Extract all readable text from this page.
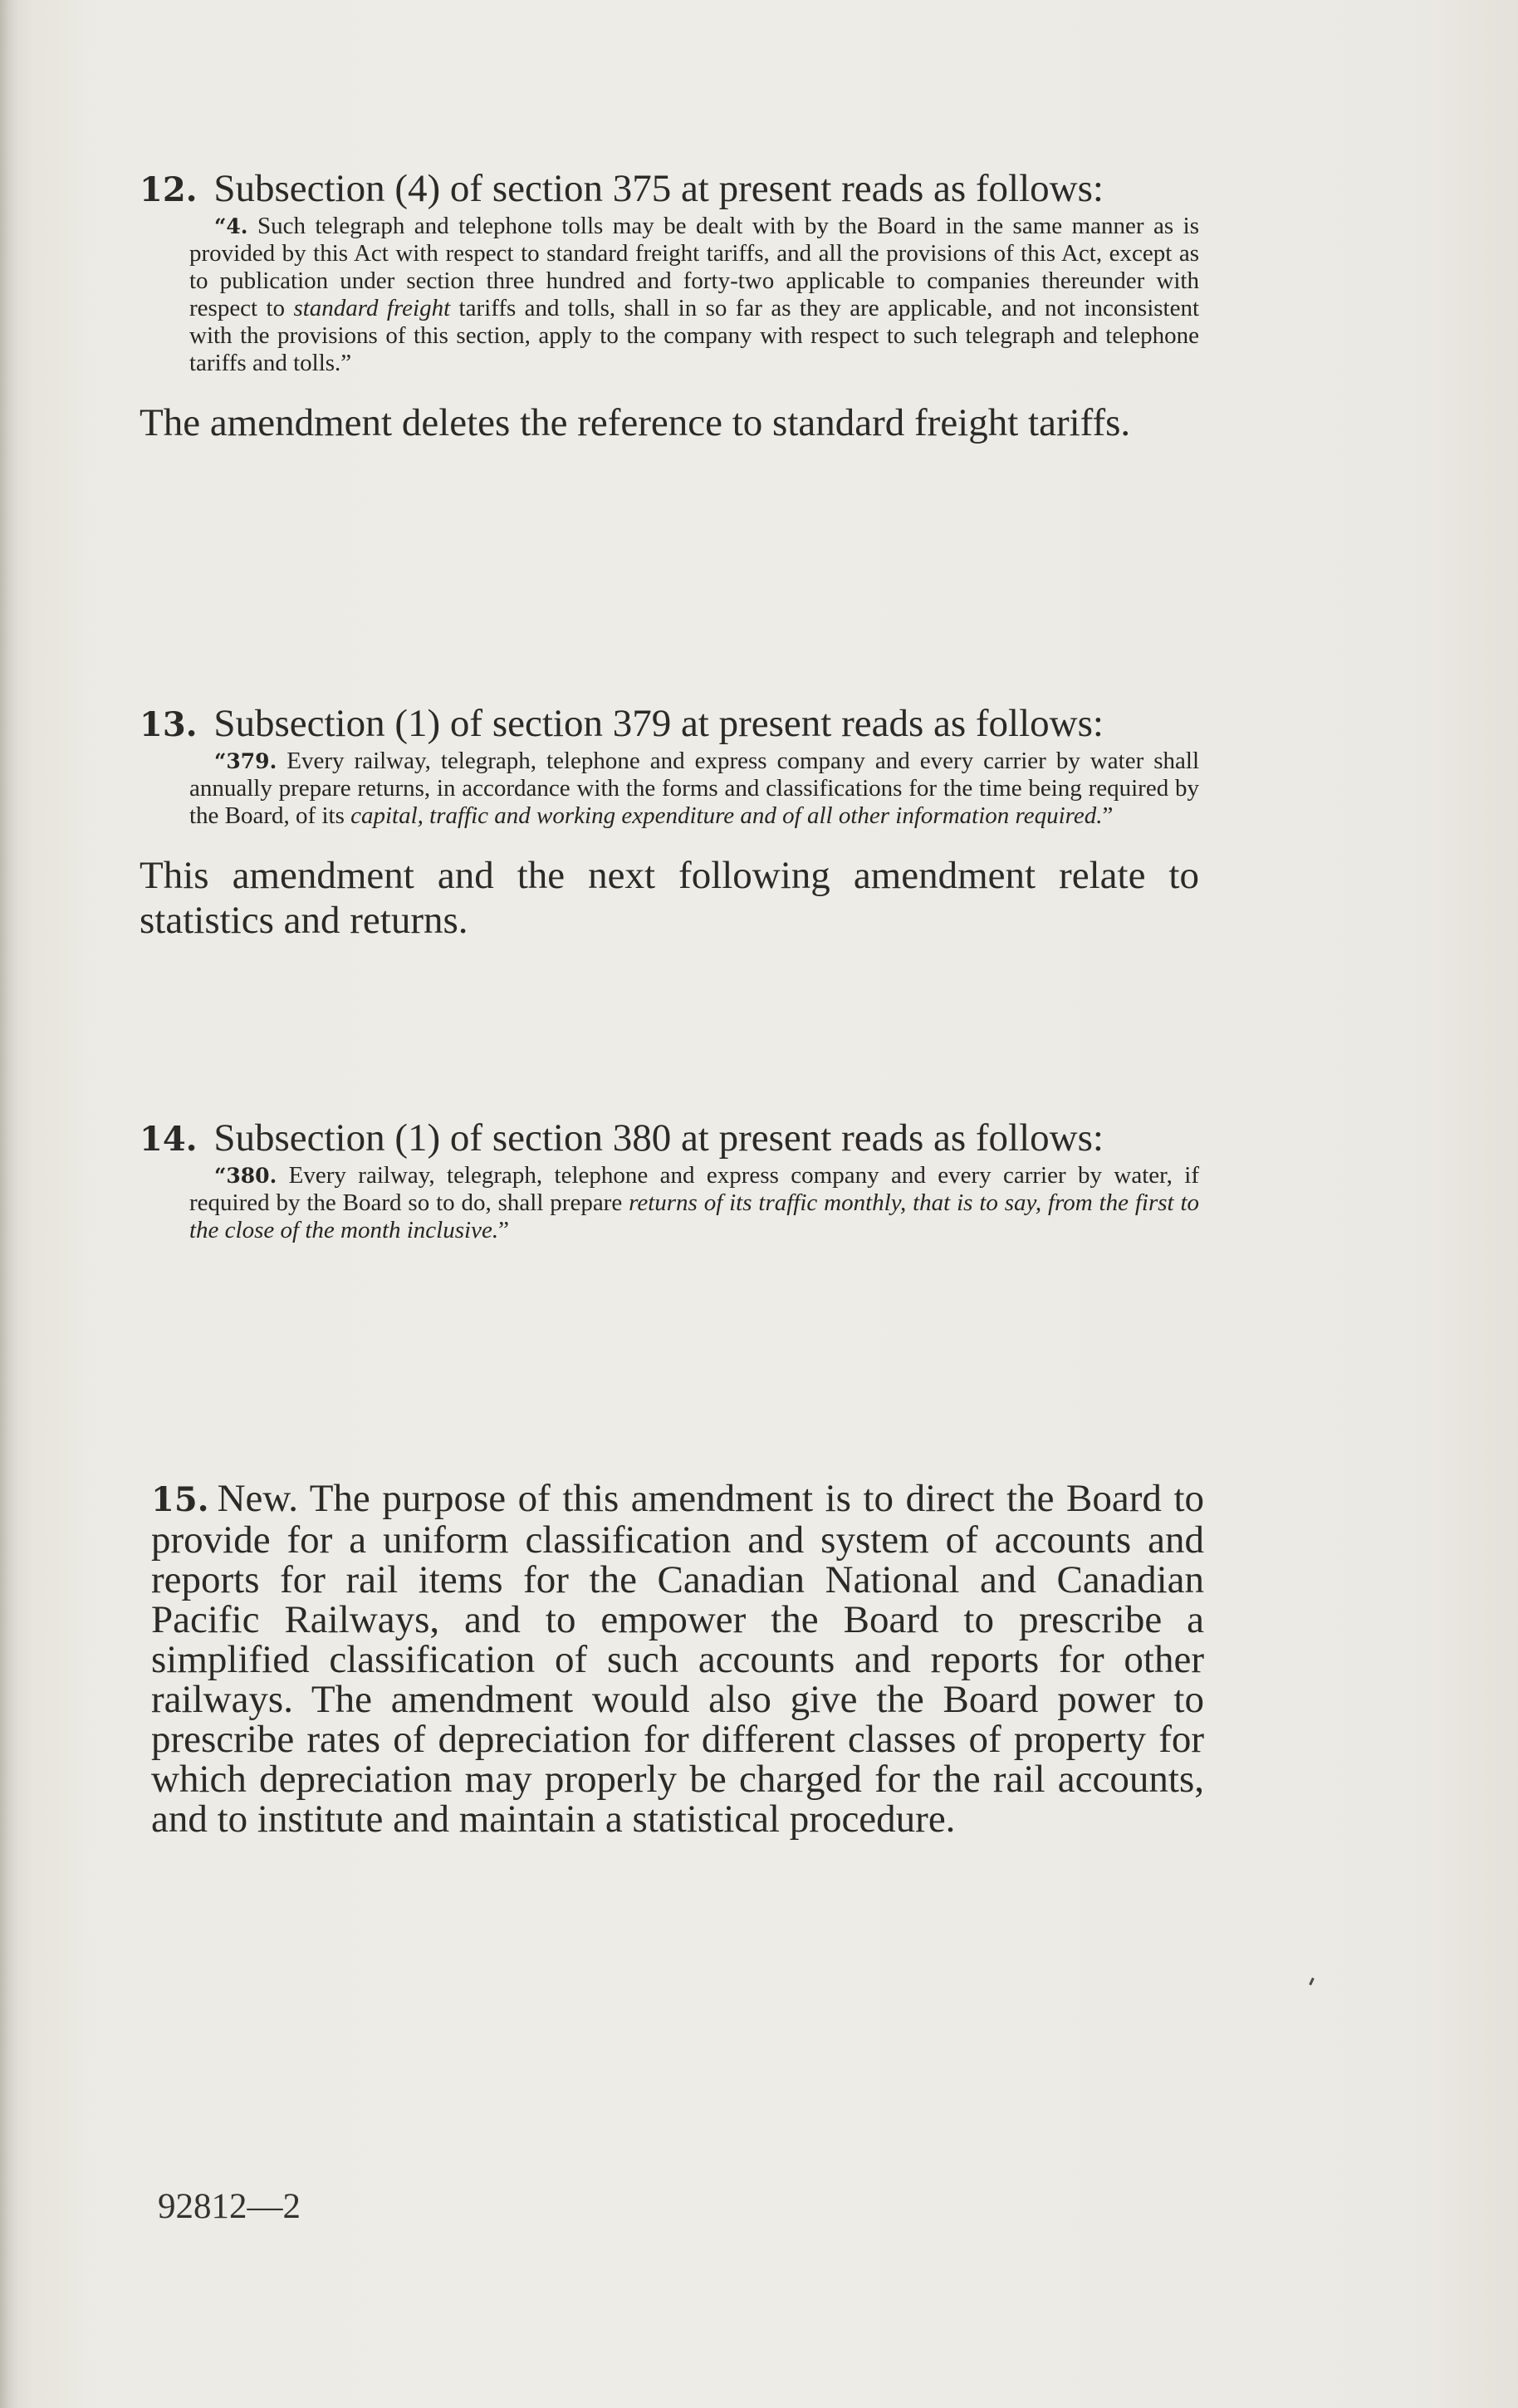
12. Subsection (4) of section 375 at present reads as follows:

“4. Such telegraph and telephone tolls may be dealt with by the Board in the same manner as is provided by this Act with respect to standard freight tariffs, and all the provisions of this Act, except as to publication under section three hundred and forty-two applicable to companies thereunder with respect to standard freight tariffs and tolls, shall in so far as they are applicable, and not inconsistent with the provisions of this section, apply to the company with respect to such telegraph and telephone tariffs and tolls.”

The amendment deletes the reference to standard freight tariffs.

13. Subsection (1) of section 379 at present reads as follows:

“379. Every railway, telegraph, telephone and express company and every carrier by water shall annually prepare returns, in accordance with the forms and classifications for the time being required by the Board, of its capital, traffic and working expenditure and of all other information required.”

This amendment and the next following amendment relate to statistics and returns.

14. Subsection (1) of section 380 at present reads as follows:

“380. Every railway, telegraph, telephone and express company and every carrier by water, if required by the Board so to do, shall prepare returns of its traffic monthly, that is to say, from the first to the close of the month inclusive.”

15. New. The purpose of this amendment is to direct the Board to provide for a uniform classification and system of accounts and reports for rail items for the Canadian National and Canadian Pacific Railways, and to empower the Board to prescribe a simplified classification of such accounts and reports for other railways. The amendment would also give the Board power to prescribe rates of depreciation for different classes of property for which depreciation may properly be charged for the rail accounts, and to institute and maintain a statistical procedure.

92812—2
